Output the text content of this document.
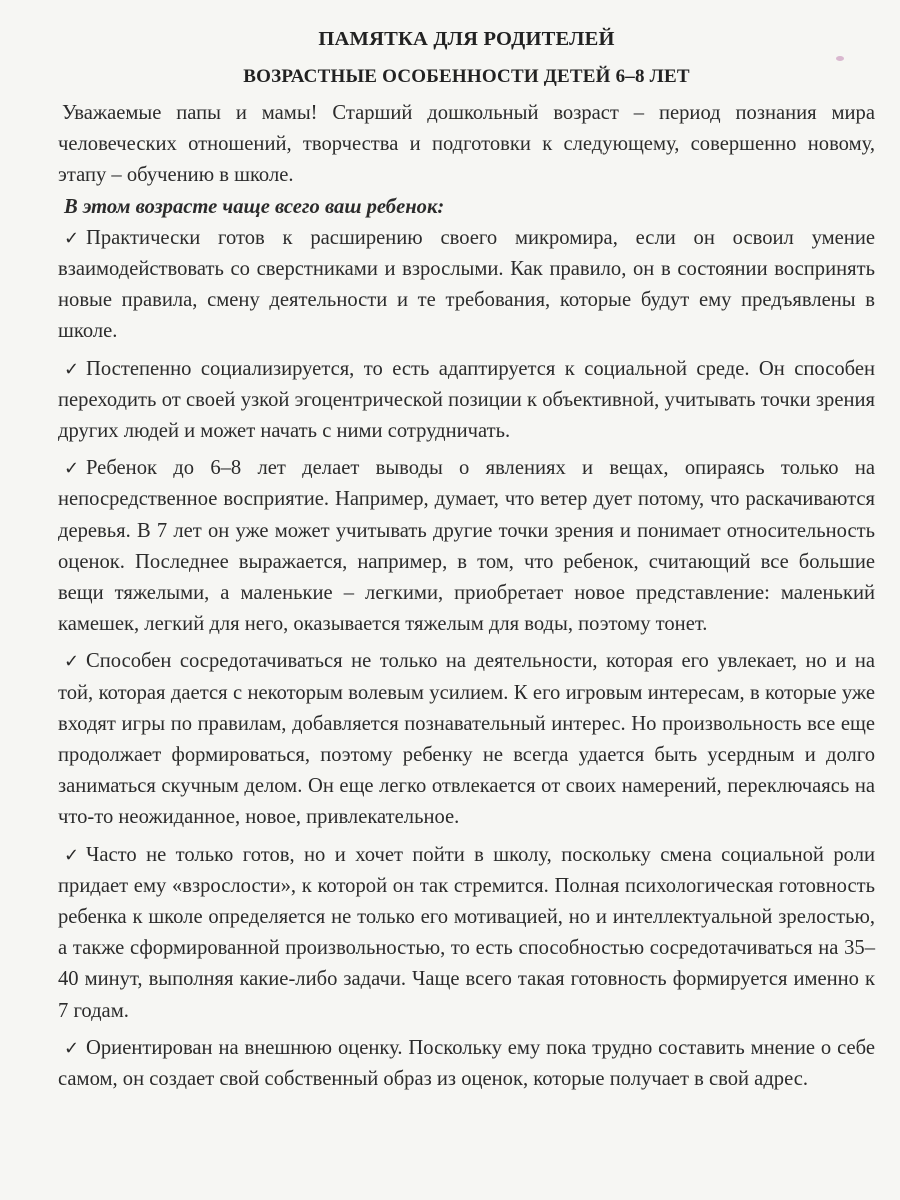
ПАМЯТКА ДЛЯ РОДИТЕЛЕЙ
ВОЗРАСТНЫЕ ОСОБЕННОСТИ ДЕТЕЙ 6–8 ЛЕТ

Уважаемые папы и мамы! Старший дошкольный возраст – период познания мира человеческих отношений, творчества и подготовки к следующему, совершенно новому, этапу – обучению в школе.

В этом возрасте чаще всего ваш ребенок:

✓ Практически готов к расширению своего микромира, если он освоил умение взаимодействовать со сверстниками и взрослыми. Как правило, он в состоянии воспринять новые правила, смену деятельности и те требования, которые будут ему предъявлены в школе.

✓ Постепенно социализируется, то есть адаптируется к социальной среде. Он способен переходить от своей узкой эгоцентрической позиции к объективной, учитывать точки зрения других людей и может начать с ними сотрудничать.

✓ Ребенок до 6–8 лет делает выводы о явлениях и вещах, опираясь только на непосредственное восприятие. Например, думает, что ветер дует потому, что раскачиваются деревья. В 7 лет он уже может учитывать другие точки зрения и понимает относительность оценок. Последнее выражается, например, в том, что ребенок, считающий все большие вещи тяжелыми, а маленькие – легкими, приобретает новое представление: маленький камешек, легкий для него, оказывается тяжелым для воды, поэтому тонет.

✓ Способен сосредотачиваться не только на деятельности, которая его увлекает, но и на той, которая дается с некоторым волевым усилием. К его игровым интересам, в которые уже входят игры по правилам, добавляется познавательный интерес. Но произвольность все еще продолжает формироваться, поэтому ребенку не всегда удается быть усердным и долго заниматься скучным делом. Он еще легко отвлекается от своих намерений, переключаясь на что-то неожиданное, новое, привлекательное.

✓ Часто не только готов, но и хочет пойти в школу, поскольку смена социальной роли придает ему «взрослости», к которой он так стремится. Полная психологическая готовность ребенка к школе определяется не только его мотивацией, но и интеллектуальной зрелостью, а также сформированной произвольностью, то есть способностью сосредотачиваться на 35–40 минут, выполняя какие-либо задачи. Чаще всего такая готовность формируется именно к 7 годам.

✓ Ориентирован на внешнюю оценку. Поскольку ему пока трудно составить мнение о себе самом, он создает свой собственный образ из оценок, которые получает в свой адрес.
